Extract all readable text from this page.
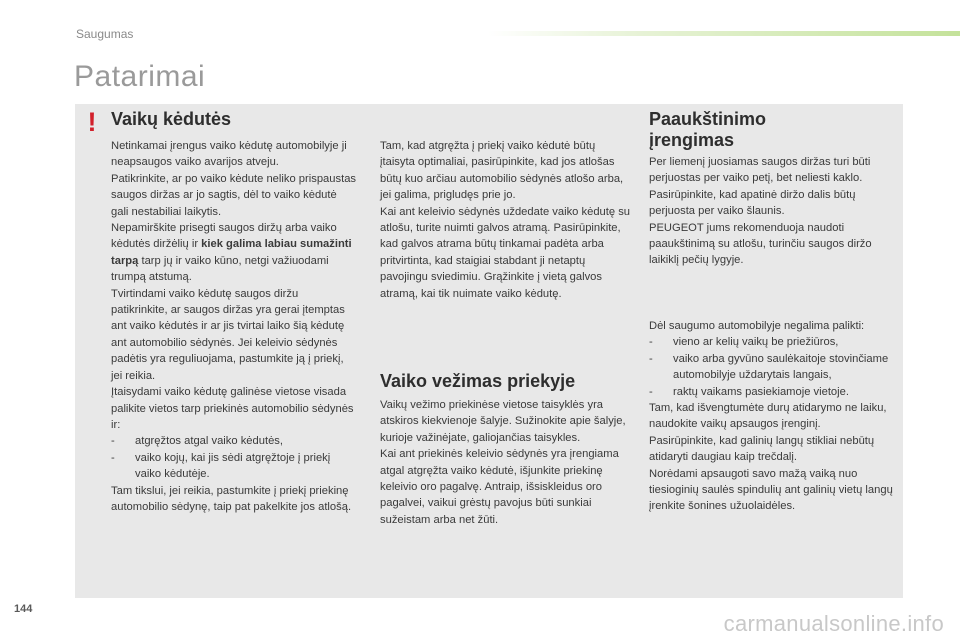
Saugumas
Patarimai
! Vaikų kėdutės

Netinkamai įrengus vaiko kėdutę automobilyje ji neapsaugos vaiko avarijos atveju.

Patikrinkite, ar po vaiko kėdute neliko prispaustas saugos diržas ar jo sagtis, dėl to vaiko kėdutė gali nestabiliai laikytis.

Nepamirškite prisegti saugos diržų arba vaiko kėdutės diržėlių ir kiek galima labiau sumažinti tarpą tarp jų ir vaiko kūno, netgi važiuodami trumpą atstumą.

Tvirtindami vaiko kėdutę saugos diržu patikrinkite, ar saugos diržas yra gerai įtemptas ant vaiko kėdutės ir ar jis tvirtai laiko šią kėdutę ant automobilio sėdynės. Jei keleivio sėdynės padėtis yra reguliuojama, pastumkite ją į priekį, jei reikia.

Įtaisydami vaiko kėdutę galinėse vietose visada palikite vietos tarp priekinės automobilio sėdynės ir:

- atgręžtos atgal vaiko kėdutės,

- vaiko kojų, kai jis sėdi atgręžtoje į priekį vaiko kėdutėje.

Tam tikslui, jei reikia, pastumkite į priekį priekinę automobilio sėdynę, taip pat pakelkite jos atlošą.

Tam, kad atgręžta į priekį vaiko kėdutė būtų įtaisyta optimaliai, pasirūpinkite, kad jos atlošas būtų kuo arčiau automobilio sėdynės atlošo arba, jei galima, prigludęs prie jo.

Kai ant keleivio sėdynės uždedate vaiko kėdutę su atlošu, turite nuimti galvos atramą. Pasirūpinkite, kad galvos atrama būtų tinkamai padėta arba pritvirtinta, kad staigiai stabdant ji netaptų pavojingu sviedimiu. Grąžinkite į vietą galvos atramą, kai tik nuimate vaiko kėdutę.

Vaiko vežimas priekyje

Vaikų vežimo priekinėse vietose taisyklės yra atskiros kiekvienoje šalyje. Sužinokite apie šalyje, kurioje važinėjate, galiojančias taisykles.

Kai ant priekinės keleivio sėdynės yra įrengiama atgal atgręžta vaiko kėdutė, išjunkite priekinę keleivio oro pagalvę. Antraip, išsiskleidus oro pagalvei, vaikui grėstų pavojus būti sunkiai sužeistam arba net žūti.

Paaukštinimo
įrengimas

Per liemenį juosiamas saugos diržas turi būti perjuostas per vaiko petį, bet neliesti kaklo.

Pasirūpinkite, kad apatinė diržo dalis būtų perjuosta per vaiko šlaunis.

PEUGEOT jums rekomenduoja naudoti paaukštinimą su atlošu, turinčiu saugos diržo laikiklį pečių lygyje.

Dėl saugumo automobilyje negalima palikti:

- vieno ar kelių vaikų be priežiūros,

- vaiko arba gyvūno saulėkaitoje stovinčiame automobilyje uždarytais langais,

- raktų vaikams pasiekiamoje vietoje.

Tam, kad išvengtumėte durų atidarymo ne laiku, naudokite vaikų apsaugos įrenginį.

Pasirūpinkite, kad galinių langų stikliai nebūtų atidaryti daugiau kaip trečdalį.

Norėdami apsaugoti savo mažą vaiką nuo tiesioginių saulės spindulių ant galinių vietų langų įrenkite šonines užuolaidėles.

144
carmanualsonline.info
